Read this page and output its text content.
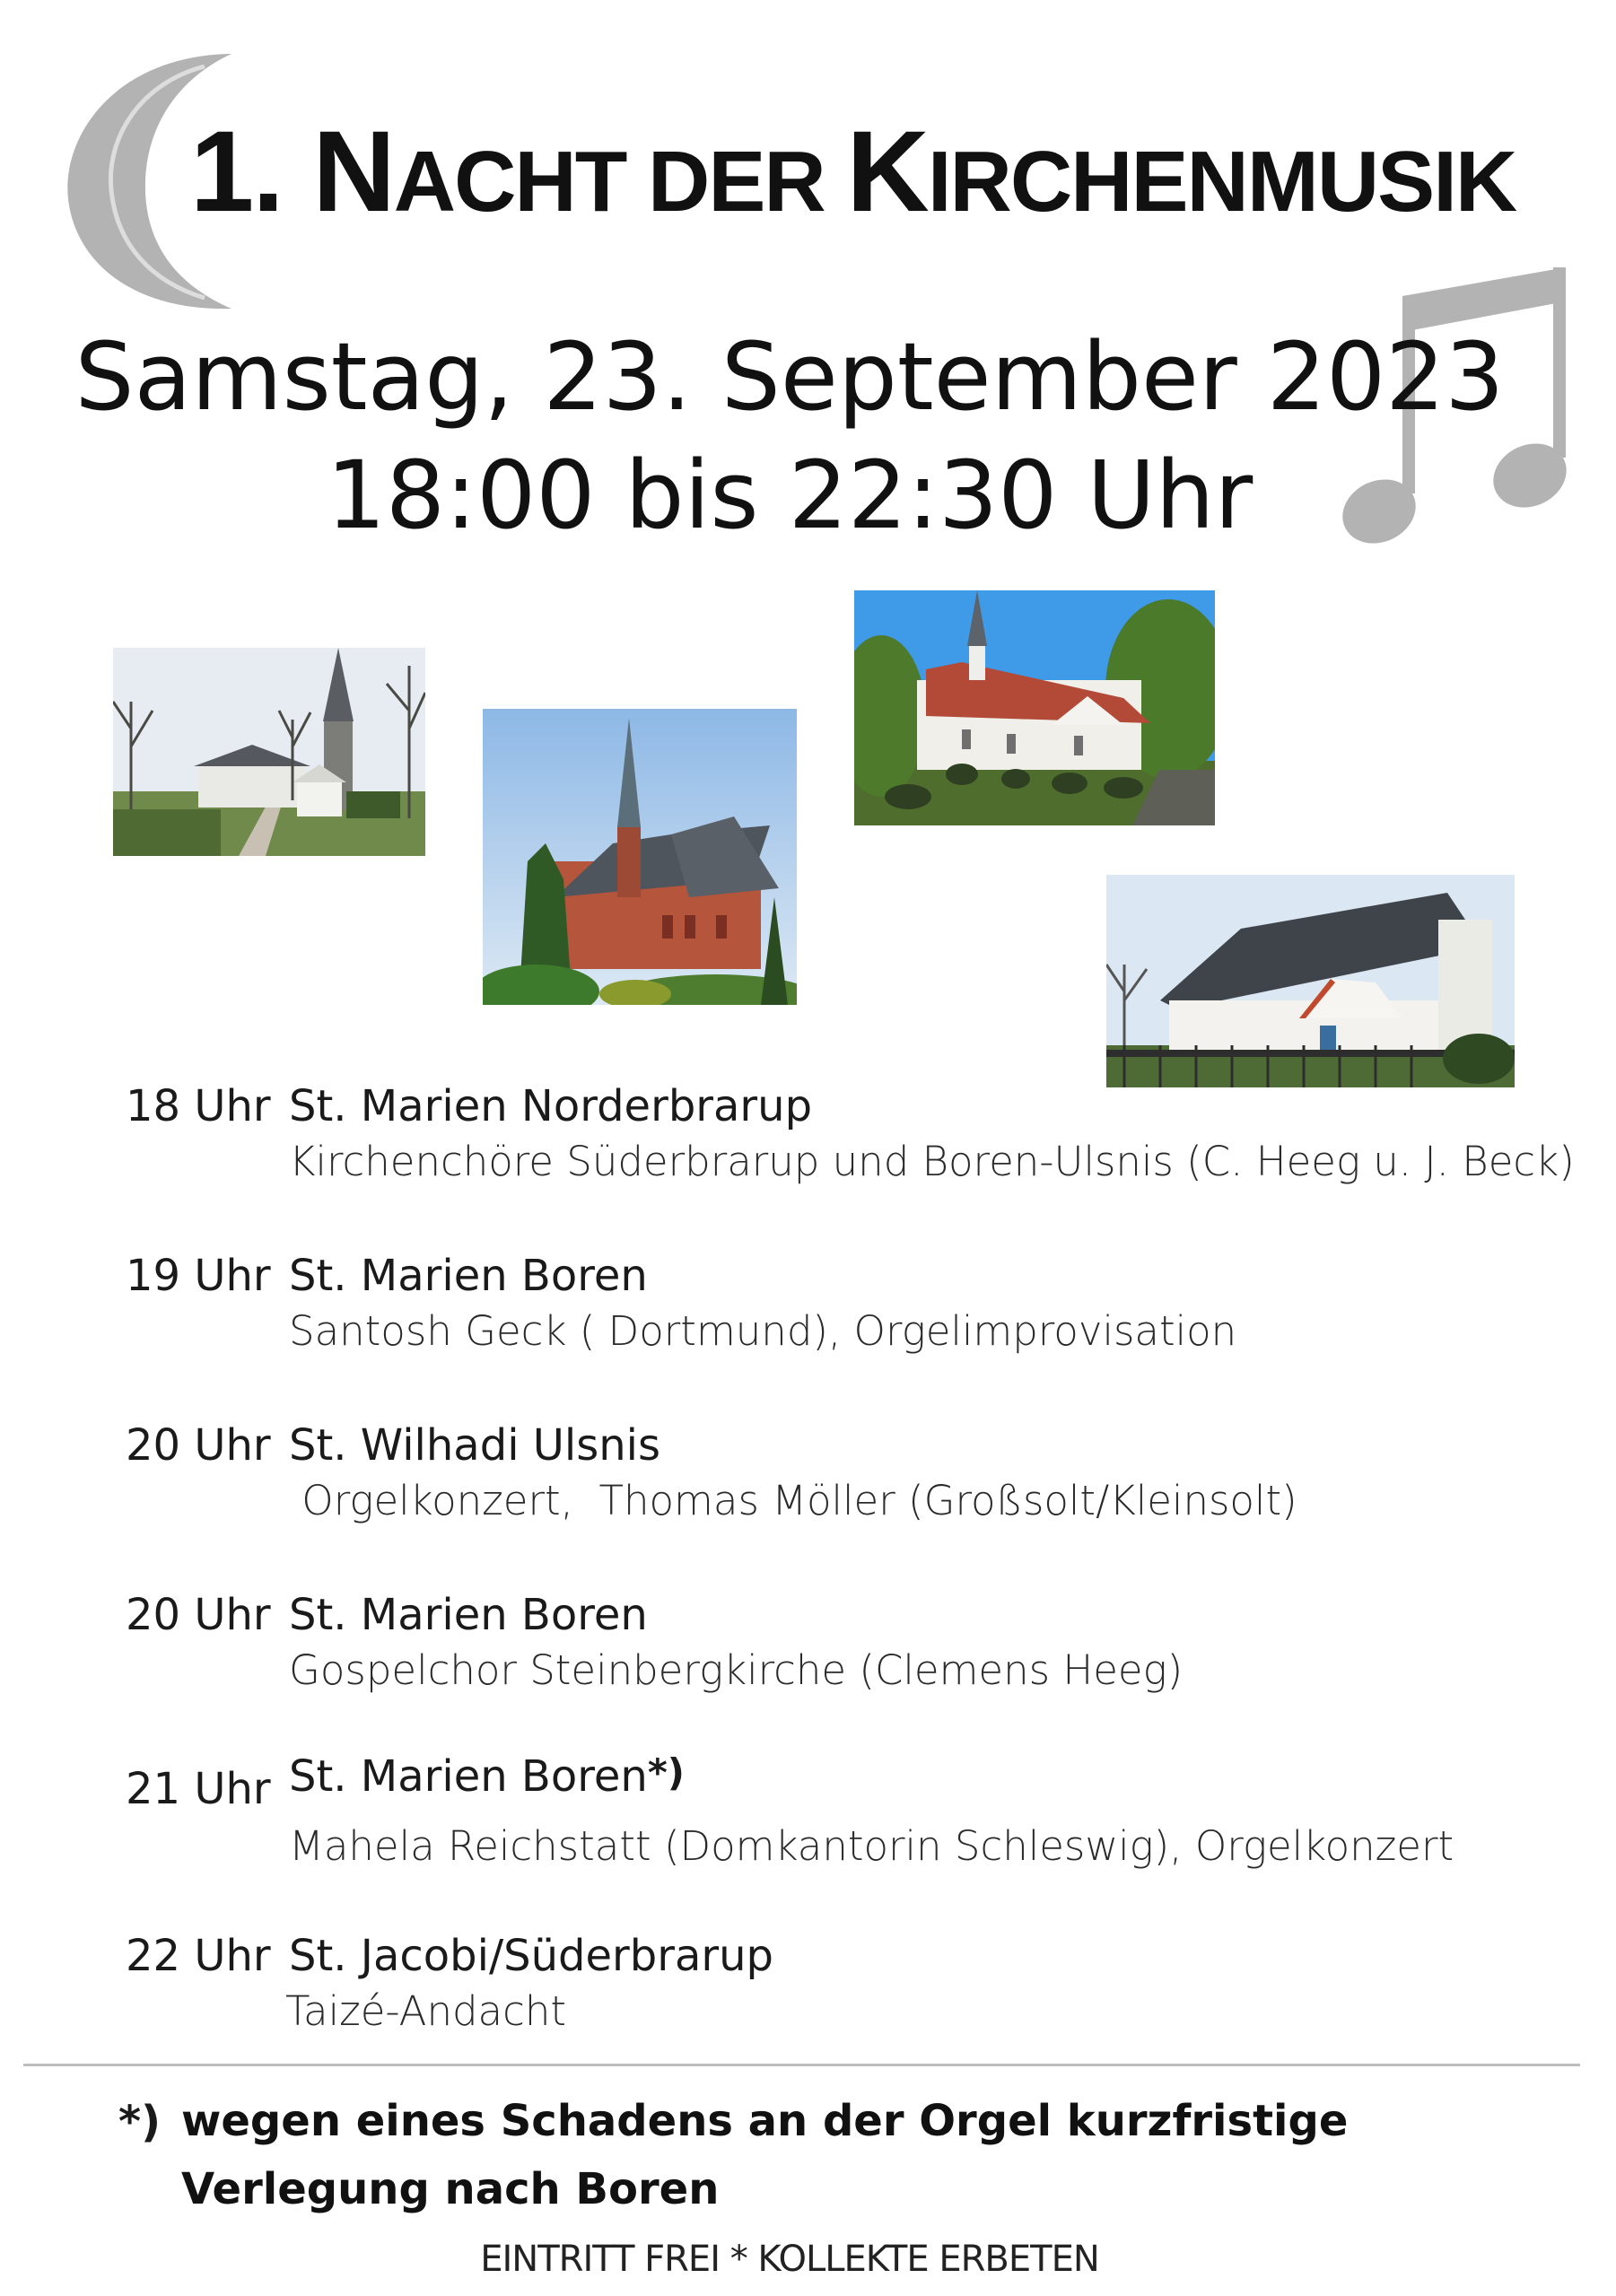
1. NACHT DER KIRCHENMUSIK
Samstag, 23. September 2023
18:00 bis 22:30 Uhr
18 Uhr St. Marien Norderbrarup
Kirchenchöre Süderbrarup und Boren-Ulsnis (C. Heeg u. J. Beck)
19 Uhr St. Marien Boren
Santosh Geck ( Dortmund), Orgelimprovisation
20 Uhr St. Wilhadi Ulsnis
Orgelkonzert,  Thomas Möller (Großsolt/Kleinsolt)
20 Uhr St. Marien Boren
Gospelchor Steinbergkirche (Clemens Heeg)
21 Uhr St. Marien Boren*)
Mahela Reichstatt (Domkantorin Schleswig), Orgelkonzert
22 Uhr St. Jacobi/Süderbrarup
Taizé-Andacht
*) wegen eines Schadens an der Orgel kurzfristige Verlegung nach Boren
EINTRITT FREI * KOLLEKTE ERBETEN
